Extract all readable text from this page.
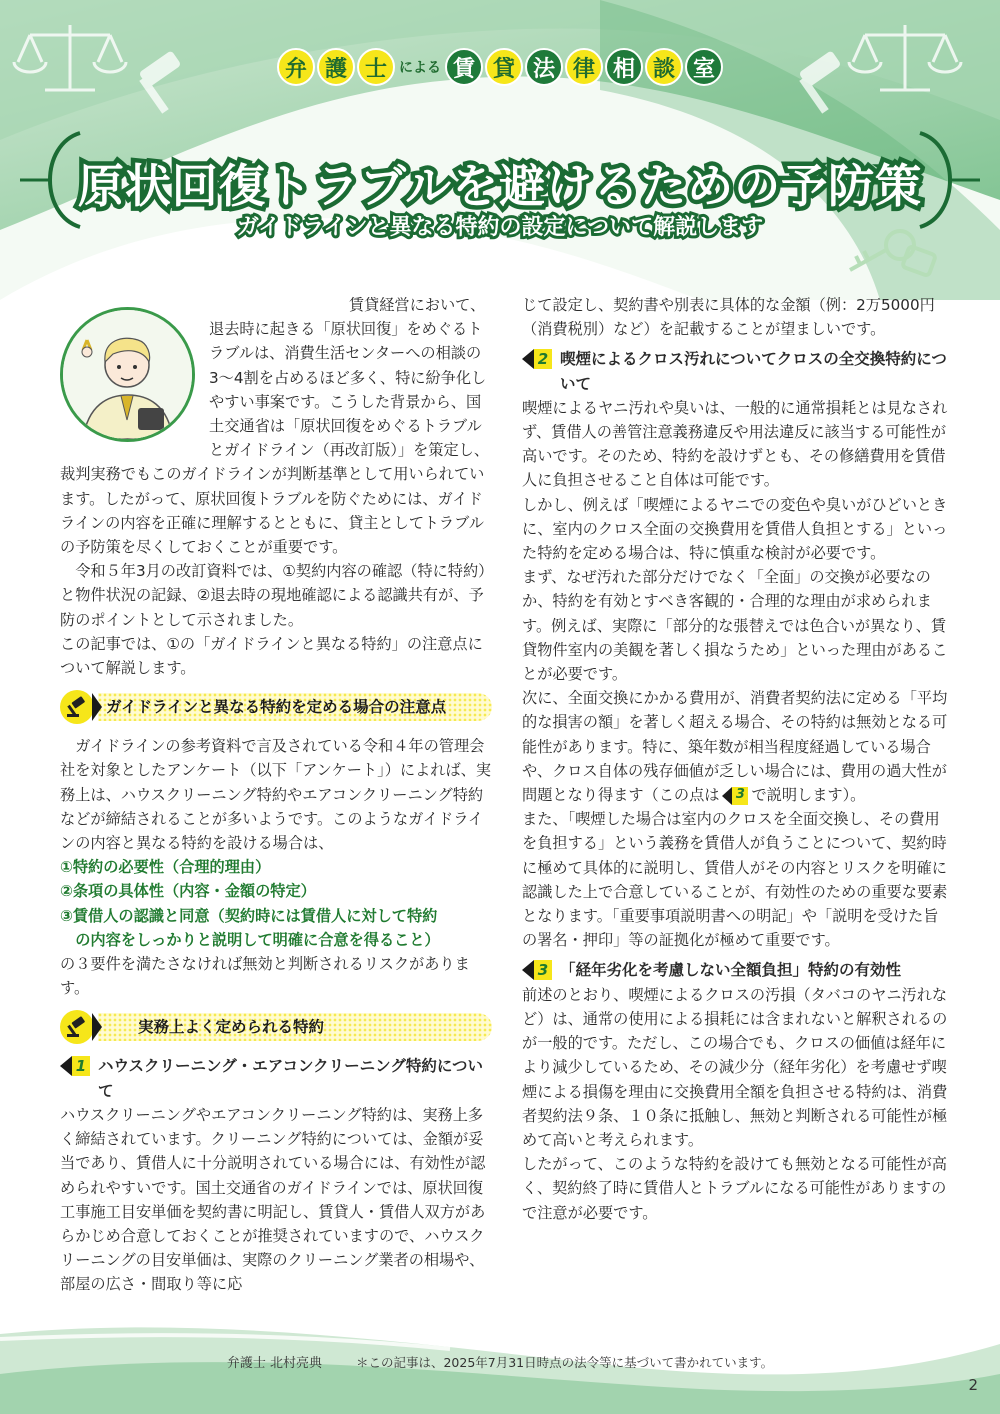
弁 護 士 による 賃 貸 法 律 相 談 室
原状回復トラブルを避けるための予防策
ガイドラインと異なる特約の設定について解説します

賃貸経営において、退去時に起きる「原状回復」をめぐるトラブルは、消費生活センターへの相談の3〜4割を占めるほど多く、特に紛争化しやすい事案です。こうした背景から、国土交通省は「原状回復をめぐるトラブルとガイドライン（再改訂版）」を策定し、裁判実務でもこのガイドラインが判断基準として用いられています。したがって、原状回復トラブルを防ぐためには、ガイドラインの内容を正確に理解するとともに、貸主としてトラブルの予防策を尽くしておくことが重要です。

令和５年3月の改訂資料では、①契約内容の確認（特に特約）と物件状況の記録、②退去時の現地確認による認識共有が、予防のポイントとして示されました。

この記事では、①の「ガイドラインと異なる特約」の注意点について解説します。

ガイドラインと異なる特約を定める場合の注意点

ガイドラインの参考資料で言及されている令和４年の管理会社を対象としたアンケート（以下「アンケート」）によれば、実務上は、ハウスクリーニング特約やエアコンクリーニング特約などが締結されることが多いようです。このようなガイドラインの内容と異なる特約を設ける場合は、

①特約の必要性（合理的理由）

②条項の具体性（内容・金額の特定）

③賃借人の認識と同意（契約時には賃借人に対して特約

の内容をしっかりと説明して明確に合意を得ること）

の３要件を満たさなければ無効と判断されるリスクがあります。

実務上よく定められる特約
1 ハウスクリーニング・エアコンクリーニング特約について

ハウスクリーニングやエアコンクリーニング特約は、実務上多く締結されています。クリーニング特約については、金額が妥当であり、賃借人に十分説明されている場合には、有効性が認められやすいです。国土交通省のガイドラインでは、原状回復工事施工目安単価を契約書に明記し、賃貸人・賃借人双方があらかじめ合意しておくことが推奨されていますので、ハウスクリーニングの目安単価は、実際のクリーニング業者の相場や、部屋の広さ・間取り等に応

じて設定し、契約書や別表に具体的な金額（例：2万5000円（消費税別）など）を記載することが望ましいです。

2 喫煙によるクロス汚れについてクロスの全交換特約について

喫煙によるヤニ汚れや臭いは、一般的に通常損耗とは見なされず、賃借人の善管注意義務違反や用法違反に該当する可能性が高いです。そのため、特約を設けずとも、その修繕費用を賃借人に負担させること自体は可能です。

しかし、例えば「喫煙によるヤニでの変色や臭いがひどいときに、室内のクロス全面の交換費用を賃借人負担とする」といった特約を定める場合は、特に慎重な検討が必要です。

まず、なぜ汚れた部分だけでなく「全面」の交換が必要なのか、特約を有効とすべき客観的・合理的な理由が求められます。例えば、実際に「部分的な張替えでは色合いが異なり、賃貸物件室内の美観を著しく損なうため」といった理由があることが必要です。

次に、全面交換にかかる費用が、消費者契約法に定める「平均的な損害の額」を著しく超える場合、その特約は無効となる可能性があります。特に、築年数が相当程度経過している場合や、クロス自体の残存価値が乏しい場合には、費用の過大性が問題となり得ます（この点は 3 で説明します）。

また、「喫煙した場合は室内のクロスを全面交換し、その費用を負担する」という義務を賃借人が負うことについて、契約時に極めて具体的に説明し、賃借人がその内容とリスクを明確に認識した上で合意していることが、有効性のための重要な要素となります。「重要事項説明書への明記」や「説明を受けた旨の署名・押印」等の証拠化が極めて重要です。

3 「経年劣化を考慮しない全額負担」特約の有効性

前述のとおり、喫煙によるクロスの汚損（タバコのヤニ汚れなど）は、通常の使用による損耗には含まれないと解釈されるのが一般的です。ただし、この場合でも、クロスの価値は経年により減少しているため、その減少分（経年劣化）を考慮せず喫煙による損傷を理由に交換費用全額を負担させる特約は、消費者契約法９条、１０条に抵触し、無効と判断される可能性が極めて高いと考えられます。

したがって、このような特約を設けても無効となる可能性が高く、契約終了時に賃借人とトラブルになる可能性がありますので注意が必要です。

弁護士 北村亮典	＊この記事は、2025年7月31日時点の法令等に基づいて書かれています。
2
